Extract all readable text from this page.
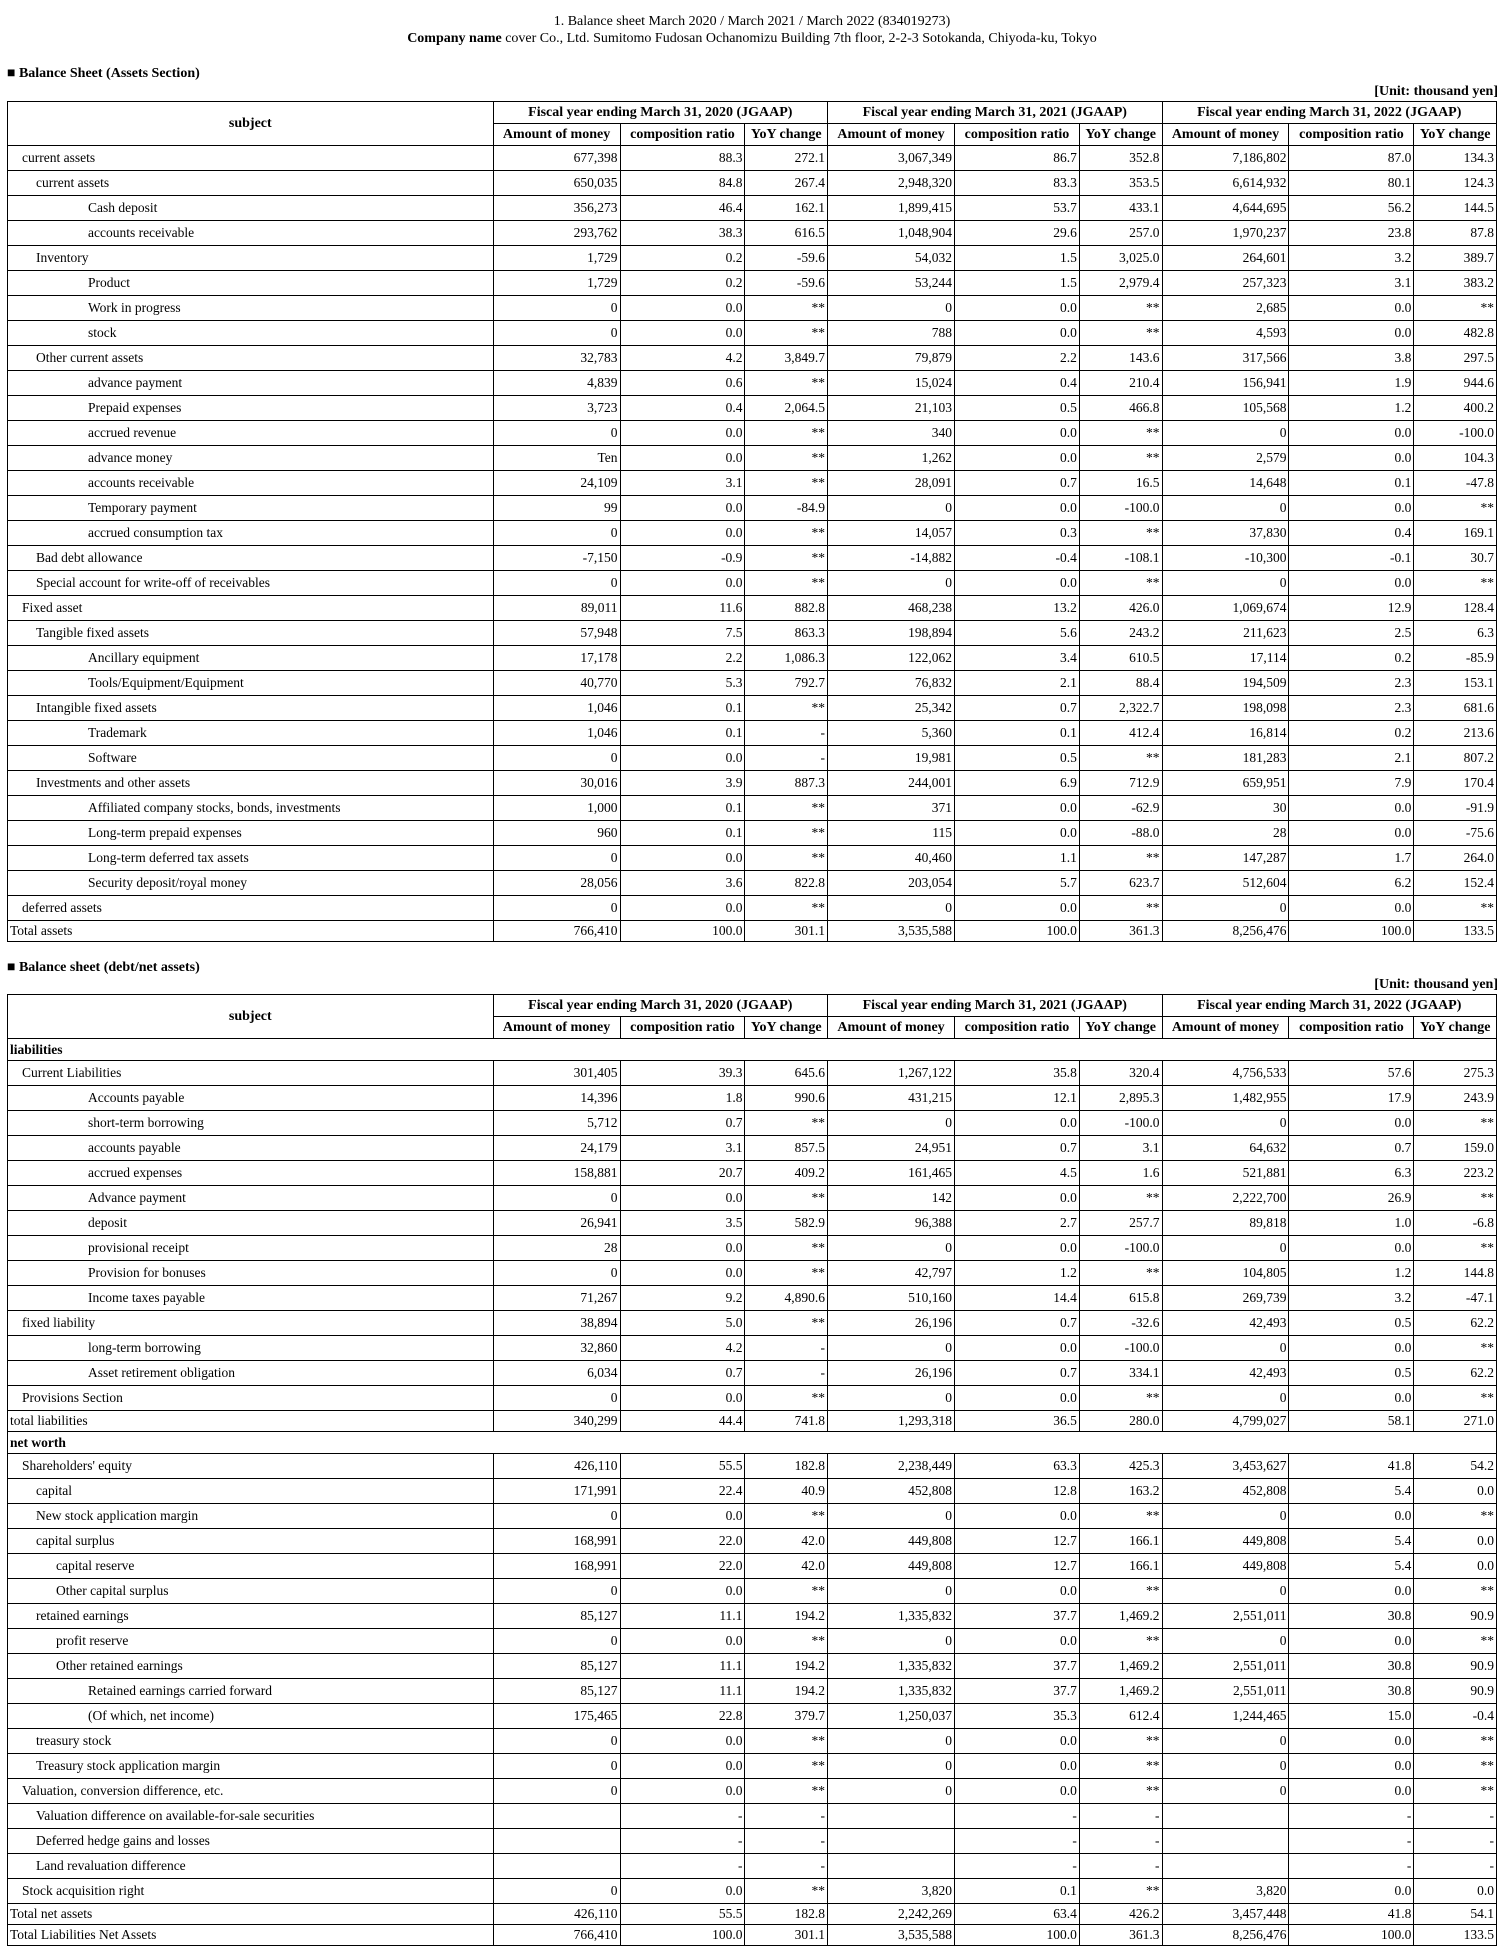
1. Balance sheet March 2020 / March 2021 / March 2022 (834019273)
Company name cover Co., Ltd. Sumitomo Fudosan Ochanomizu Building 7th floor, 2-2-3 Sotokanda, Chiyoda-ku, Tokyo
■ Balance Sheet (Assets Section)
[Unit: thousand yen]
subject	Fiscal year ending March 31, 2020 (JGAAP)			Fiscal year ending March 31, 2021 (JGAAP)			Fiscal year ending March 31, 2022 (JGAAP)		
	Amount of money	composition ratio	YoY change	Amount of money	composition ratio	YoY change	Amount of money	composition ratio	YoY change
current assets	677,398	88.3	272.1	3,067,349	86.7	352.8	7,186,802	87.0	134.3
current assets	650,035	84.8	267.4	2,948,320	83.3	353.5	6,614,932	80.1	124.3
Cash deposit	356,273	46.4	162.1	1,899,415	53.7	433.1	4,644,695	56.2	144.5
accounts receivable	293,762	38.3	616.5	1,048,904	29.6	257.0	1,970,237	23.8	87.8
Inventory	1,729	0.2	-59.6	54,032	1.5	3,025.0	264,601	3.2	389.7
Product	1,729	0.2	-59.6	53,244	1.5	2,979.4	257,323	3.1	383.2
Work in progress	0	0.0	**	0	0.0	**	2,685	0.0	**
stock	0	0.0	**	788	0.0	**	4,593	0.0	482.8
Other current assets	32,783	4.2	3,849.7	79,879	2.2	143.6	317,566	3.8	297.5
advance payment	4,839	0.6	**	15,024	0.4	210.4	156,941	1.9	944.6
Prepaid expenses	3,723	0.4	2,064.5	21,103	0.5	466.8	105,568	1.2	400.2
accrued revenue	0	0.0	**	340	0.0	**	0	0.0	-100.0
advance money	Ten	0.0	**	1,262	0.0	**	2,579	0.0	104.3
accounts receivable	24,109	3.1	**	28,091	0.7	16.5	14,648	0.1	-47.8
Temporary payment	99	0.0	-84.9	0	0.0	-100.0	0	0.0	**
accrued consumption tax	0	0.0	**	14,057	0.3	**	37,830	0.4	169.1
Bad debt allowance	-7,150	-0.9	**	-14,882	-0.4	-108.1	-10,300	-0.1	30.7
Special account for write-off of receivables	0	0.0	**	0	0.0	**	0	0.0	**
Fixed asset	89,011	11.6	882.8	468,238	13.2	426.0	1,069,674	12.9	128.4
Tangible fixed assets	57,948	7.5	863.3	198,894	5.6	243.2	211,623	2.5	6.3
Ancillary equipment	17,178	2.2	1,086.3	122,062	3.4	610.5	17,114	0.2	-85.9
Tools/Equipment/Equipment	40,770	5.3	792.7	76,832	2.1	88.4	194,509	2.3	153.1
Intangible fixed assets	1,046	0.1	**	25,342	0.7	2,322.7	198,098	2.3	681.6
Trademark	1,046	0.1	-	5,360	0.1	412.4	16,814	0.2	213.6
Software	0	0.0	-	19,981	0.5	**	181,283	2.1	807.2
Investments and other assets	30,016	3.9	887.3	244,001	6.9	712.9	659,951	7.9	170.4
Affiliated company stocks, bonds, investments	1,000	0.1	**	371	0.0	-62.9	30	0.0	-91.9
Long-term prepaid expenses	960	0.1	**	115	0.0	-88.0	28	0.0	-75.6
Long-term deferred tax assets	0	0.0	**	40,460	1.1	**	147,287	1.7	264.0
Security deposit/royal money	28,056	3.6	822.8	203,054	5.7	623.7	512,604	6.2	152.4
deferred assets	0	0.0	**	0	0.0	**	0	0.0	**
Total assets	766,410	100.0	301.1	3,535,588	100.0	361.3	8,256,476	100.0	133.5
■ Balance sheet (debt/net assets)
[Unit: thousand yen]
subject	Fiscal year ending March 31, 2020 (JGAAP)			Fiscal year ending March 31, 2021 (JGAAP)			Fiscal year ending March 31, 2022 (JGAAP)		
	Amount of money	composition ratio	YoY change	Amount of money	composition ratio	YoY change	Amount of money	composition ratio	YoY change
liabilities									
Current Liabilities	301,405	39.3	645.6	1,267,122	35.8	320.4	4,756,533	57.6	275.3
Accounts payable	14,396	1.8	990.6	431,215	12.1	2,895.3	1,482,955	17.9	243.9
short-term borrowing	5,712	0.7	**	0	0.0	-100.0	0	0.0	**
accounts payable	24,179	3.1	857.5	24,951	0.7	3.1	64,632	0.7	159.0
accrued expenses	158,881	20.7	409.2	161,465	4.5	1.6	521,881	6.3	223.2
Advance payment	0	0.0	**	142	0.0	**	2,222,700	26.9	**
deposit	26,941	3.5	582.9	96,388	2.7	257.7	89,818	1.0	-6.8
provisional receipt	28	0.0	**	0	0.0	-100.0	0	0.0	**
Provision for bonuses	0	0.0	**	42,797	1.2	**	104,805	1.2	144.8
Income taxes payable	71,267	9.2	4,890.6	510,160	14.4	615.8	269,739	3.2	-47.1
fixed liability	38,894	5.0	**	26,196	0.7	-32.6	42,493	0.5	62.2
long-term borrowing	32,860	4.2	-	0	0.0	-100.0	0	0.0	**
Asset retirement obligation	6,034	0.7	-	26,196	0.7	334.1	42,493	0.5	62.2
Provisions Section	0	0.0	**	0	0.0	**	0	0.0	**
total liabilities	340,299	44.4	741.8	1,293,318	36.5	280.0	4,799,027	58.1	271.0
net worth									
Shareholders' equity	426,110	55.5	182.8	2,238,449	63.3	425.3	3,453,627	41.8	54.2
capital	171,991	22.4	40.9	452,808	12.8	163.2	452,808	5.4	0.0
New stock application margin	0	0.0	**	0	0.0	**	0	0.0	**
capital surplus	168,991	22.0	42.0	449,808	12.7	166.1	449,808	5.4	0.0
capital reserve	168,991	22.0	42.0	449,808	12.7	166.1	449,808	5.4	0.0
Other capital surplus	0	0.0	**	0	0.0	**	0	0.0	**
retained earnings	85,127	11.1	194.2	1,335,832	37.7	1,469.2	2,551,011	30.8	90.9
profit reserve	0	0.0	**	0	0.0	**	0	0.0	**
Other retained earnings	85,127	11.1	194.2	1,335,832	37.7	1,469.2	2,551,011	30.8	90.9
Retained earnings carried forward	85,127	11.1	194.2	1,335,832	37.7	1,469.2	2,551,011	30.8	90.9
(Of which, net income)	175,465	22.8	379.7	1,250,037	35.3	612.4	1,244,465	15.0	-0.4
treasury stock	0	0.0	**	0	0.0	**	0	0.0	**
Treasury stock application margin	0	0.0	**	0	0.0	**	0	0.0	**
Valuation, conversion difference, etc.	0	0.0	**	0	0.0	**	0	0.0	**
Valuation difference on available-for-sale securities		-	-		-	-		-	-
Deferred hedge gains and losses		-	-		-	-		-	-
Land revaluation difference		-	-		-	-		-	-
Stock acquisition right	0	0.0	**	3,820	0.1	**	3,820	0.0	0.0
Total net assets	426,110	55.5	182.8	2,242,269	63.4	426.2	3,457,448	41.8	54.1
Total Liabilities Net Assets	766,410	100.0	301.1	3,535,588	100.0	361.3	8,256,476	100.0	133.5
